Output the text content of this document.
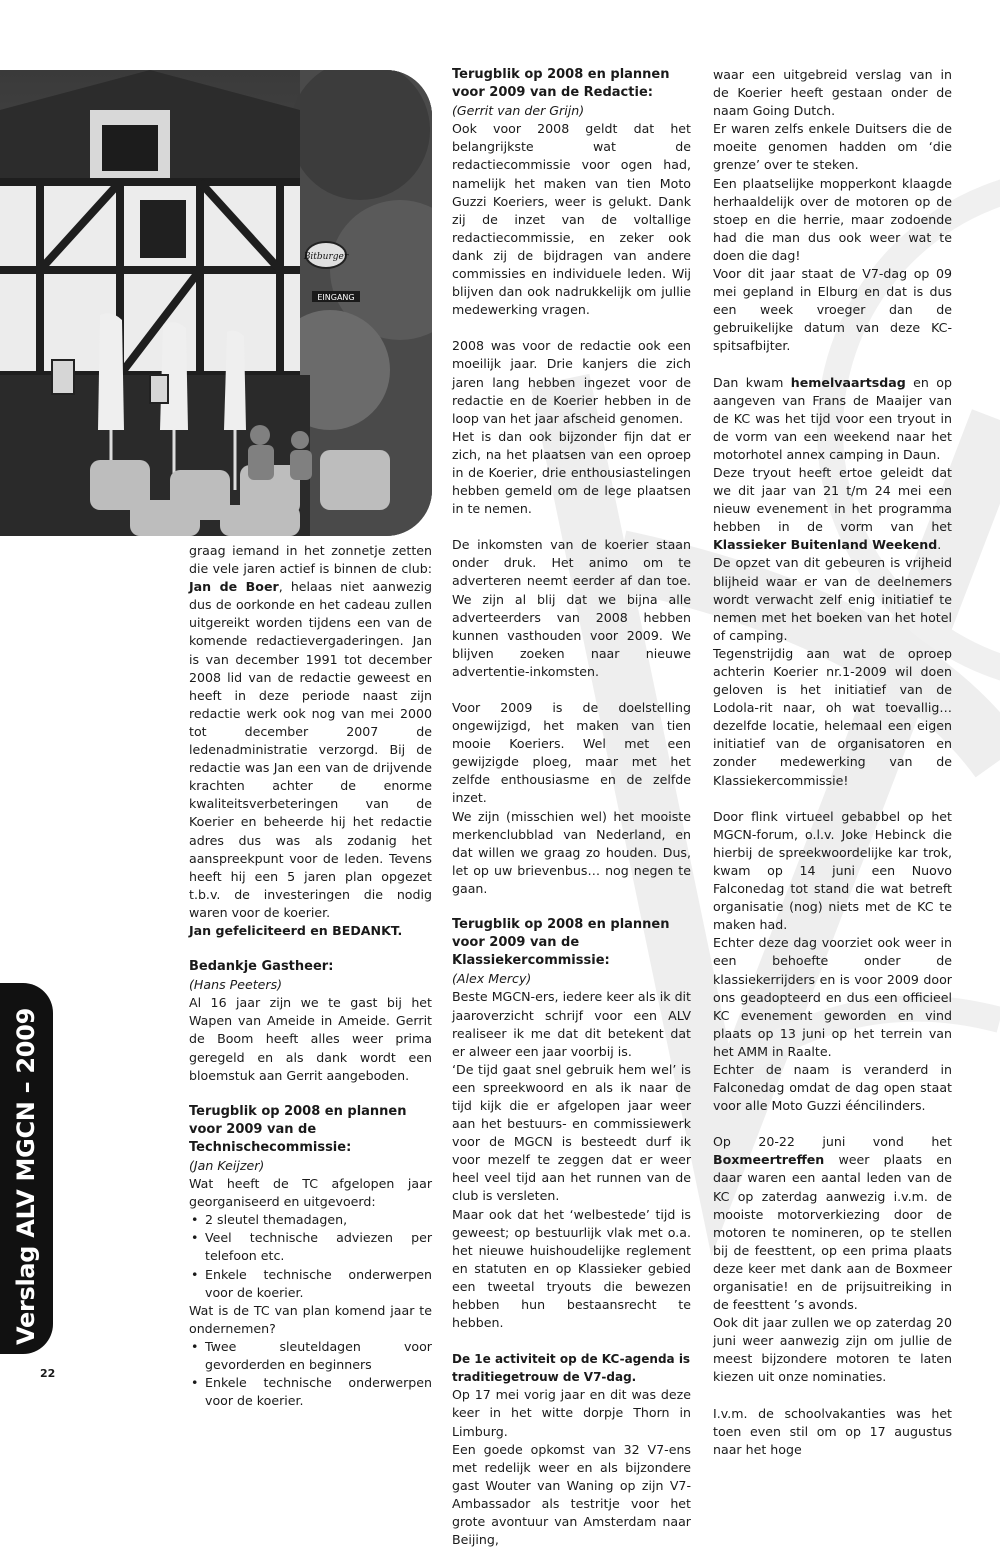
Bitburger
EINGANG

graag iemand in het zonnetje zetten die vele jaren actief is binnen de club: Jan de Boer, helaas niet aanwezig dus de oorkonde en het cadeau zullen uitgereikt worden tijdens een van de komende redactievergaderingen. Jan is van december 1991 tot december 2008 lid van de redactie geweest en heeft in deze periode naast zijn redactie werk ook nog van mei 2000 tot december 2007 de ledenadministratie verzorgd. Bij de redactie was Jan een van de drijvende krachten achter de enorme kwaliteitsverbeteringen van de Koerier en beheerde hij het redactie adres dus was als zodanig het aanspreekpunt voor de leden. Tevens heeft hij een 5 jaren plan opgezet t.b.v. de investeringen die nodig waren voor de koerier.

Jan gefeliciteerd en BEDANKT.

Bedankje Gastheer:
(Hans Peeters)

Al 16 jaar zijn we te gast bij het Wapen van Ameide in Ameide. Gerrit de Boom heeft alles weer prima geregeld en als dank wordt een bloemstuk aan Gerrit aangeboden.

Terugblik op 2008 en plannen voor 2009 van de Technischecommissie:
(Jan Keijzer)

Wat heeft de TC afgelopen jaar georganiseerd en uitgevoerd:

• 2 sleutel themadagen,
• Veel technische adviezen per telefoon etc.
• Enkele technische onderwerpen voor de koerier.

Wat is de TC van plan komend jaar te ondernemen?

• Twee sleuteldagen voor gevorderden en beginners
• Enkele technische onderwerpen voor de koerier.
Terugblik op 2008 en plannen voor 2009 van de Redactie:
(Gerrit van der Grijn)

Ook voor 2008 geldt dat het belangrijkste wat de redactiecommissie voor ogen had, namelijk het maken van tien Moto Guzzi Koeriers, weer is gelukt. Dank zij de inzet van de voltallige redactiecommissie, en zeker ook dank zij de bijdragen van andere commissies en individuele leden. Wij blijven dan ook nadrukkelijk om jullie medewerking vragen.

2008 was voor de redactie ook een moeilijk jaar. Drie kanjers die zich jaren lang hebben ingezet voor de redactie en de Koerier hebben in de loop van het jaar afscheid genomen.

Het is dan ook bijzonder fijn dat er zich, na het plaatsen van een oproep in de Koerier, drie enthousiastelingen hebben gemeld om de lege plaatsen in te nemen.

De inkomsten van de koerier staan onder druk. Het animo om te adverteren neemt eerder af dan toe. We zijn al blij dat we bijna alle adverteerders van 2008 hebben kunnen vasthouden voor 2009. We blijven zoeken naar nieuwe advertentie-inkomsten.

Voor 2009 is de doelstelling ongewijzigd, het maken van tien mooie Koeriers. Wel met een gewijzigde ploeg, maar met het zelfde enthousiasme en de zelfde inzet.

We zijn (misschien wel) het mooiste merkenclubblad van Nederland, en dat willen we graag zo houden. Dus, let op uw brievenbus… nog negen te gaan.

Terugblik op 2008 en plannen voor 2009 van de Klassiekercommissie:
(Alex Mercy)

Beste MGCN-ers, iedere keer als ik dit jaaroverzicht schrijf voor een ALV realiseer ik me dat dit betekent dat er alweer een jaar voorbij is.

‘De tijd gaat snel gebruik hem wel’ is een spreekwoord en als ik naar de tijd kijk die er afgelopen jaar weer aan het bestuurs- en commissiewerk voor de MGCN is besteedt durf ik voor mezelf te zeggen dat er weer heel veel tijd aan het runnen van de club is versleten.

Maar ook dat het ‘welbestede’ tijd is geweest; op bestuurlijk vlak met o.a. het nieuwe huishoudelijke reglement en statuten en op Klassieker gebied een tweetal tryouts die bewezen hebben hun bestaansrecht te hebben.

De 1e activiteit op de KC-agenda is traditiegetrouw de V7-dag.

Op 17 mei vorig jaar en dit was deze keer in het witte dorpje Thorn in Limburg.

Een goede opkomst van 32 V7-ens met redelijk weer en als bijzondere gast Wouter van Waning op zijn V7-Ambassador als testritje voor het grote avontuur van Amsterdam naar Beijing,

waar een uitgebreid verslag van in de Koerier heeft gestaan onder de naam Going Dutch.

Er waren zelfs enkele Duitsers die de moeite genomen hadden om ‘die grenze’ over te steken.

Een plaatselijke mopperkont klaagde herhaaldelijk over de motoren op de stoep en die herrie, maar zodoende had die man dus ook weer wat te doen die dag!

Voor dit jaar staat de V7-dag op 09 mei gepland in Elburg en dat is dus een week vroeger dan de gebruikelijke datum van deze KC-spitsafbijter.

Dan kwam hemelvaartsdag en op aangeven van Frans de Maaijer van de KC was het tijd voor een tryout in de vorm van een weekend naar het motorhotel annex camping in Daun.

Deze tryout heeft ertoe geleidt dat we dit jaar van 21 t/m 24 mei een nieuw evenement in het programma hebben in de vorm van het Klassieker Buitenland Weekend.

De opzet van dit gebeuren is vrijheid blijheid waar er van de deelnemers wordt verwacht zelf enig initiatief te nemen met het boeken van het hotel of camping.

Tegenstrijdig aan wat de oproep achterin Koerier nr.1-2009 wil doen geloven is het initiatief van de Lodola-rit naar, oh wat toevallig… dezelfde locatie, helemaal een eigen initiatief van de organisatoren en zonder medewerking van de Klassiekercommissie!

Door flink virtueel gebabbel op het MGCN-forum, o.l.v. Joke Hebinck die hierbij de spreekwoordelijke kar trok, kwam op 14 juni een Nuovo Falconedag tot stand die wat betreft organisatie (nog) niets met de KC te maken had.

Echter deze dag voorziet ook weer in een behoefte onder de klassiekerrijders en is voor 2009 door ons geadopteerd en dus een officieel KC evenement geworden en vind plaats op 13 juni op het terrein van het AMM in Raalte.

Echter de naam is veranderd in Falconedag omdat de dag open staat voor alle Moto Guzzi ééncilinders.

Op 20-22 juni vond het Boxmeertreffen weer plaats en daar waren een aantal leden van de KC op zaterdag aanwezig i.v.m. de mooiste motorverkiezing door de motoren te nomineren, op te stellen bij de feesttent, op een prima plaats deze keer met dank aan de Boxmeer organisatie! en de prijsuitreiking in de feesttent ’s avonds.

Ook dit jaar zullen we op zaterdag 20 juni weer aanwezig zijn om jullie de meest bijzondere motoren te laten kiezen uit onze nominaties.

I.v.m. de schoolvakanties was het toen even stil om op 17 augustus naar het hoge

Verslag ALV MGCN – 2009
22
